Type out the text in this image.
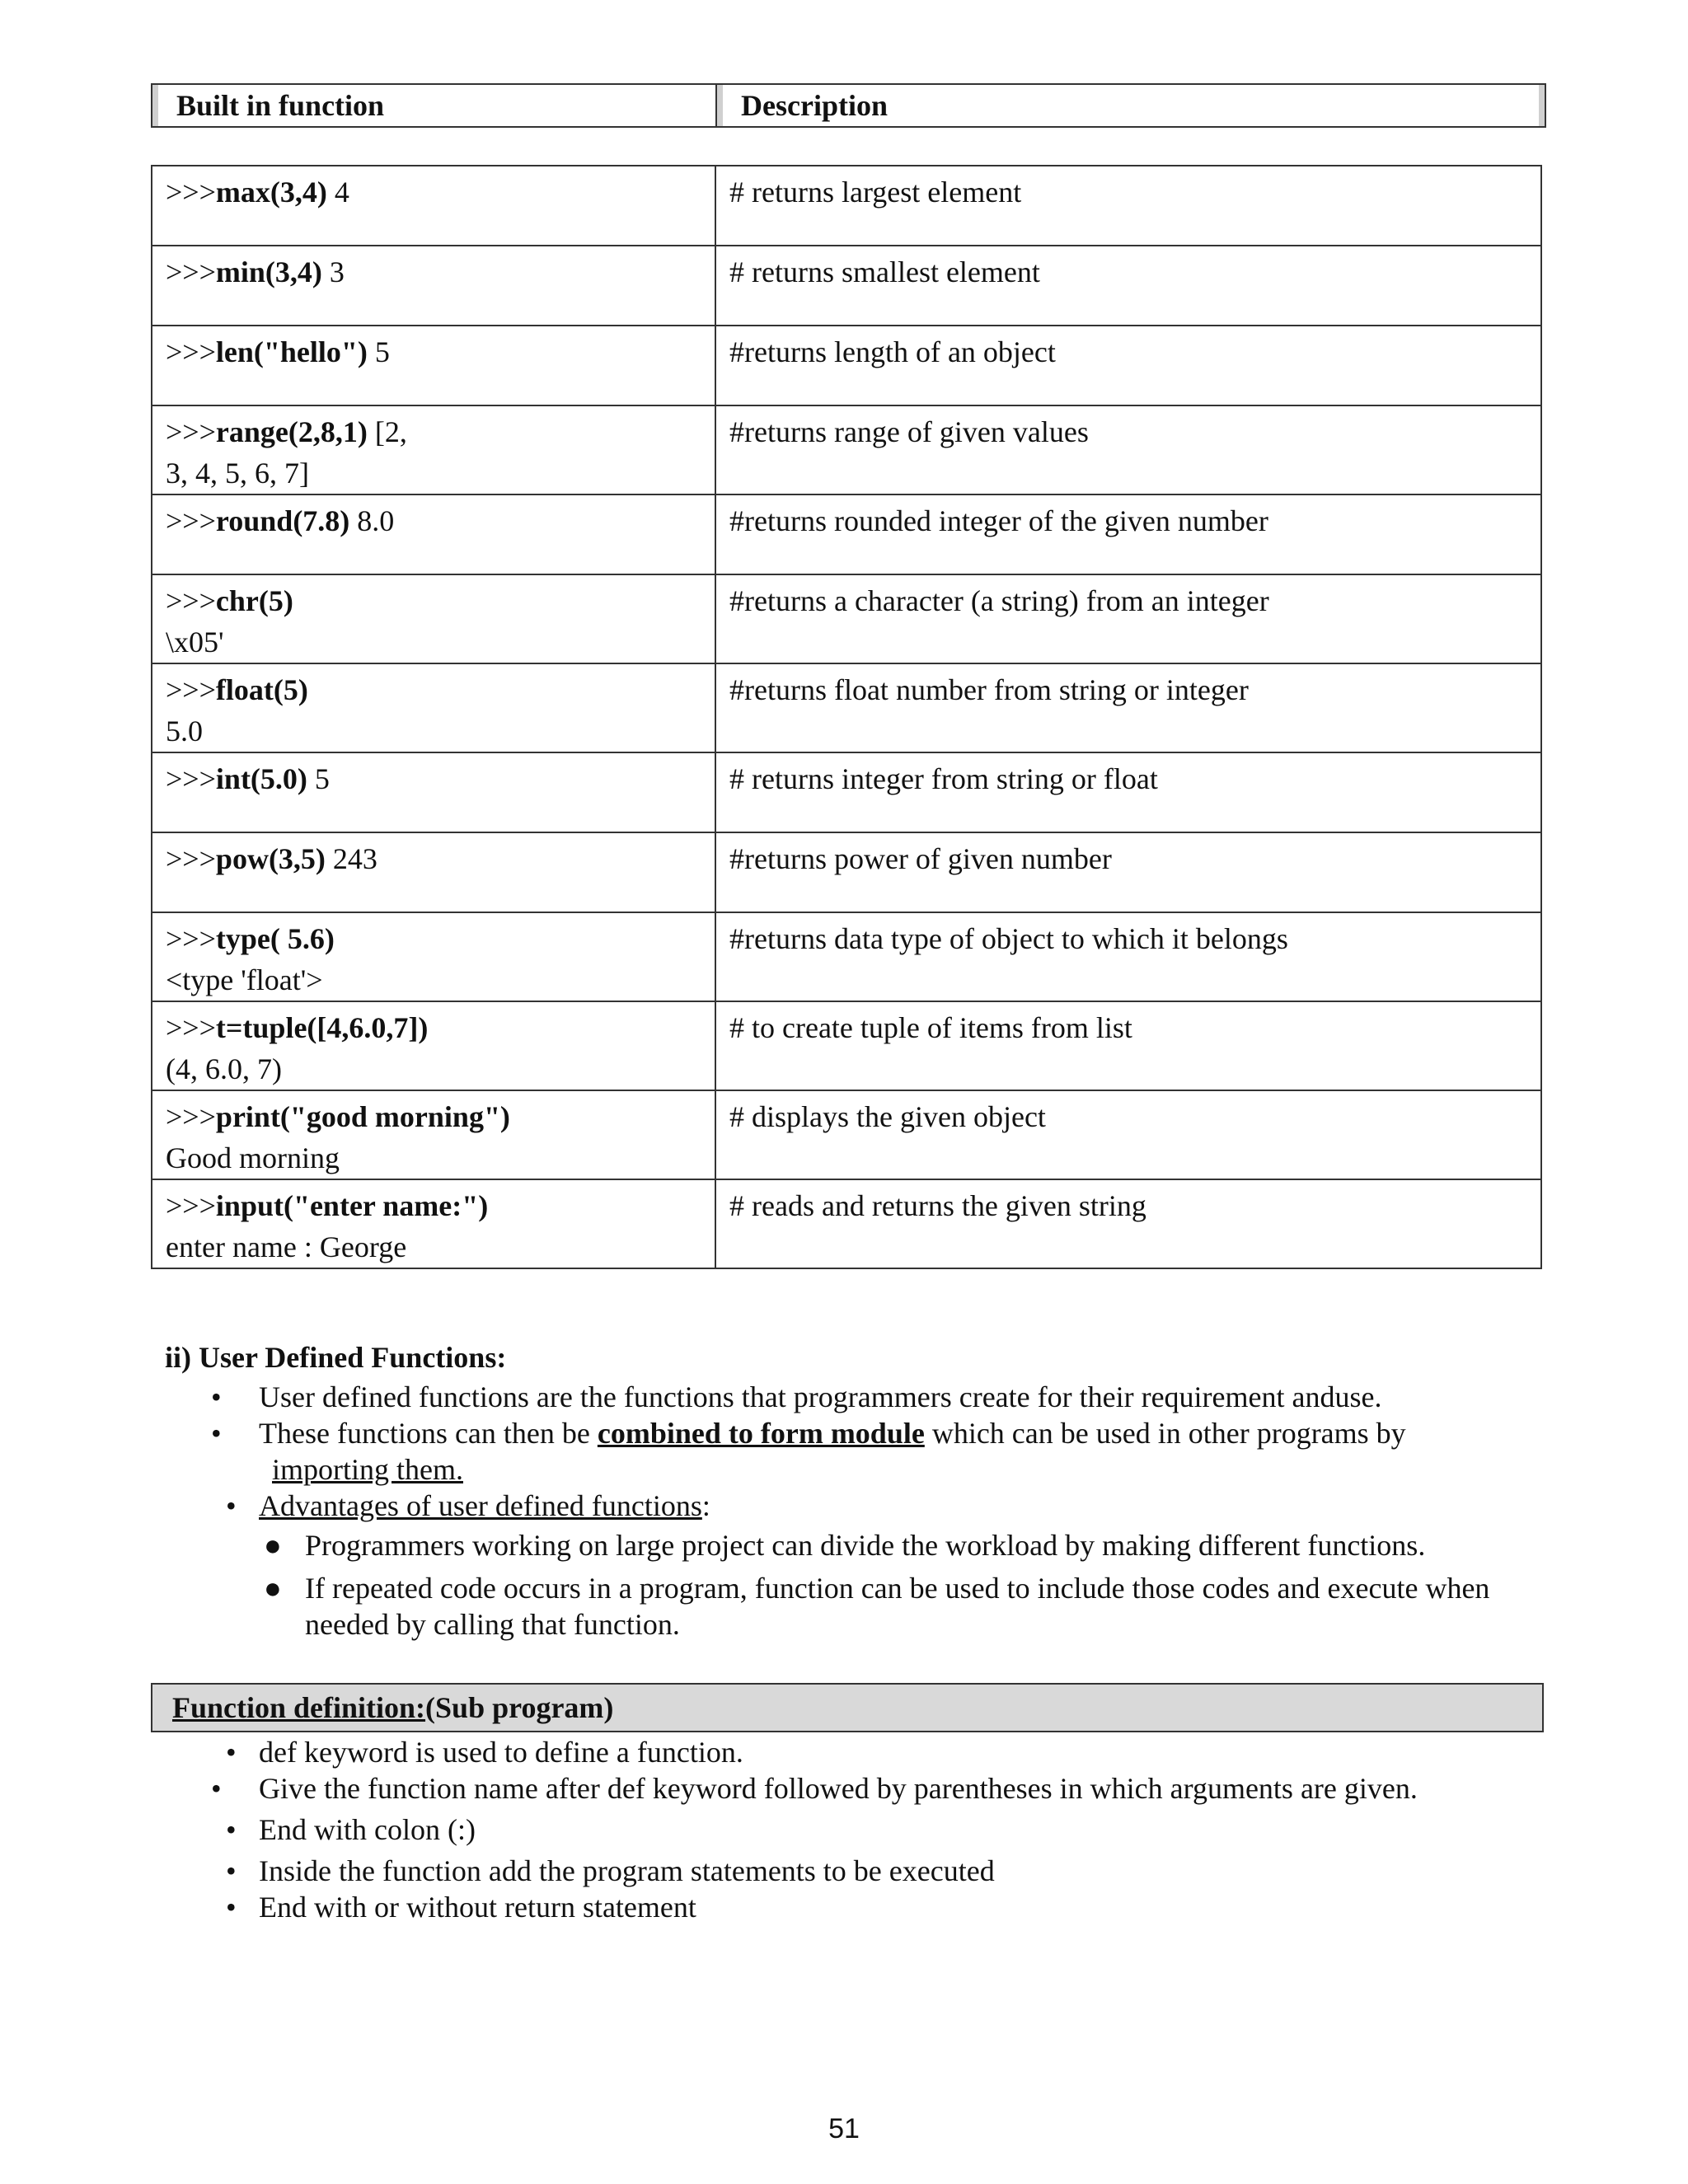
Built in function	Description
>>>max(3,4) 4	# returns largest element
>>>min(3,4) 3	# returns smallest element
>>>len("hello") 5	#returns length of an object
>>>range(2,8,1) [2,
3, 4, 5, 6, 7]	#returns range of given values
>>>round(7.8) 8.0	#returns rounded integer of the given number
>>>chr(5)
\x05'	#returns a character (a string) from an integer
>>>float(5)
5.0	#returns float number from string or integer
>>>int(5.0) 5	# returns integer from string or float
>>>pow(3,5) 243	#returns power of given number
>>>type( 5.6)
<type 'float'>	#returns data type of object to which it belongs
>>>t=tuple([4,6.0,7])
(4, 6.0, 7)	# to create tuple of items from list
>>>print("good morning")
Good morning	# displays the given object
>>>input("enter name:")
enter name : George	# reads and returns the given string
ii) User Defined Functions:
• User defined functions are the functions that programmers create for their requirement anduse.
• These functions can then be combined to form module which can be used in other programs by
importing them.
• Advantages of user defined functions:
● Programmers working on large project can divide the workload by making different functions.
● If repeated code occurs in a program, function can be used to include those codes and execute when needed by calling that function.
Function definition: (Sub program)
• def keyword is used to define a function.
• Give the function name after def keyword followed by parentheses in which arguments are given.
• End with colon (:)
• Inside the function add the program statements to be executed
• End with or without return statement
51
